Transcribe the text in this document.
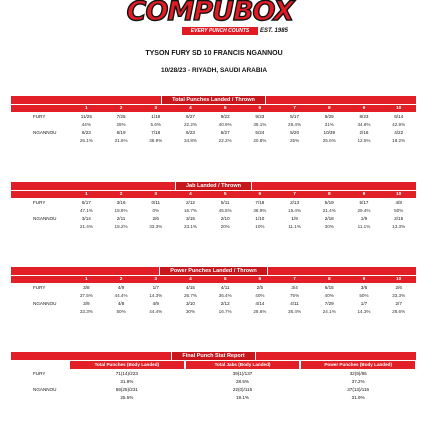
COMPUBOX
EVERY PUNCH COUNTS	EST. 1985
TYSON FURY SD 10 FRANCIS NGANNOU
10/28/23 - RIYADH, SAUDI ARABIA
Total Punches Landed / Thrown
1	2	3	4	5	6	7	8	9	10
FURY	11/25	7/25	1/18	6/27	9/22	9/23	5/17	9/29	8/23	6/14
44%	28%	5.6%	22.2%	40.9%	39.1%	29.4%	31%	34.8%	42.9%
NGANNOU	6/23	6/19	7/18	6/23	6/27	5/24	5/20	10/39	2/16	4/22
26.1%	31.6%	38.9%	34.8%	22.2%	20.8%	25%	25.6%	12.5%	18.2%
Jab Landed / Thrown
1	2	3	4	5	6	7	8	9	10
FURY	8/17	3/16	0/11	2/12	5/11	7/18	2/13	5/19	5/17	4/8
47.1%	18.8%	0%	16.7%	45.5%	38.9%	15.4%	21.4%	29.4%	50%
NGANNOU	3/14	2/11	2/6	3/15	2/10	1/10	1/9	2/18	1/9	2/15
21.4%	18.2%	33.3%	23.1%	20%	10%	11.1%	30%	11.1%	13.3%
Power Punches Landed / Thrown
1	2	3	4	5	6	7	8	9	10
FURY	3/8	4/9	1/7	4/15	4/11	2/5	3/4	6/15	3/6	2/6
37.5%	44.4%	14.3%	26.7%	36.4%	40%	75%	40%	50%	33.3%
NGANNOU	3/9	4/8	4/9	3/10	2/12	4/14	4/11	7/29	1/7	2/7
33.3%	50%	44.4%	30%	16.7%	28.6%	36.4%	24.1%	14.3%	28.6%
Final Punch Stat Report
Total Punches (Body Landed)	Total Jabs (Body Landed)	Power Punches (Body Landed)
FURY	71(14)/223	39(1)/137	32(9)/86
31.8%	28.5%	37.2%
NGANNOU	59(25)/231	22(0)/115	37(13)/116
25.5%	19.1%	31.9%
